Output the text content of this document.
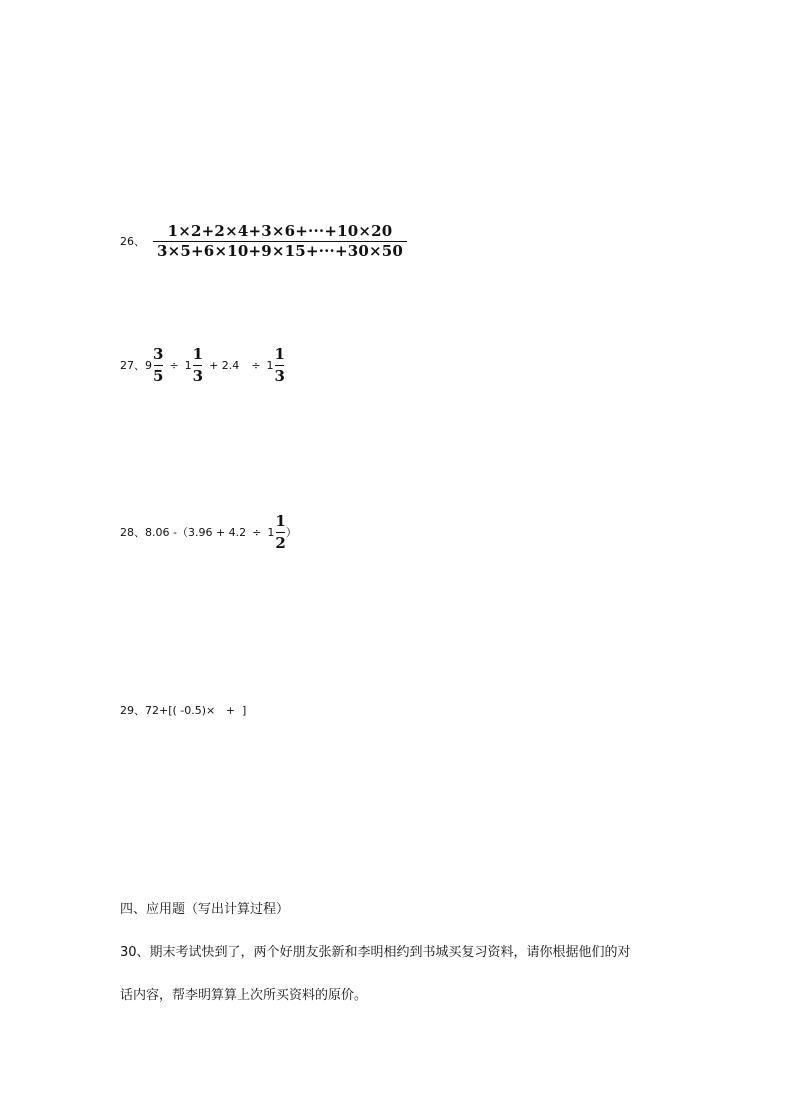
26、 $\frac{1\times 2+2\times 4+3\times 6+\cdot\cdot\cdot+10\times 20}{3\times 5+6\times 10+9\times 15+\cdot\cdot\cdot+30\times 50}$
27、 $9 \frac{3}{5} \div 1 \frac{1}{3} + 2.4 \div 1 \frac{1}{3}$
28、 8.06 $-(3.96 + 4.2 \div 1 \frac{1}{2}$ ）
29、 72+[( -0.5)×   +  ]
四、应用题（写出计算过程）
30、期末考试快到了，两个好朋友张新和李明相约到书城买复习资料，请你根据他们的对
话内容，帮李明算算上次所买资料的原价。
